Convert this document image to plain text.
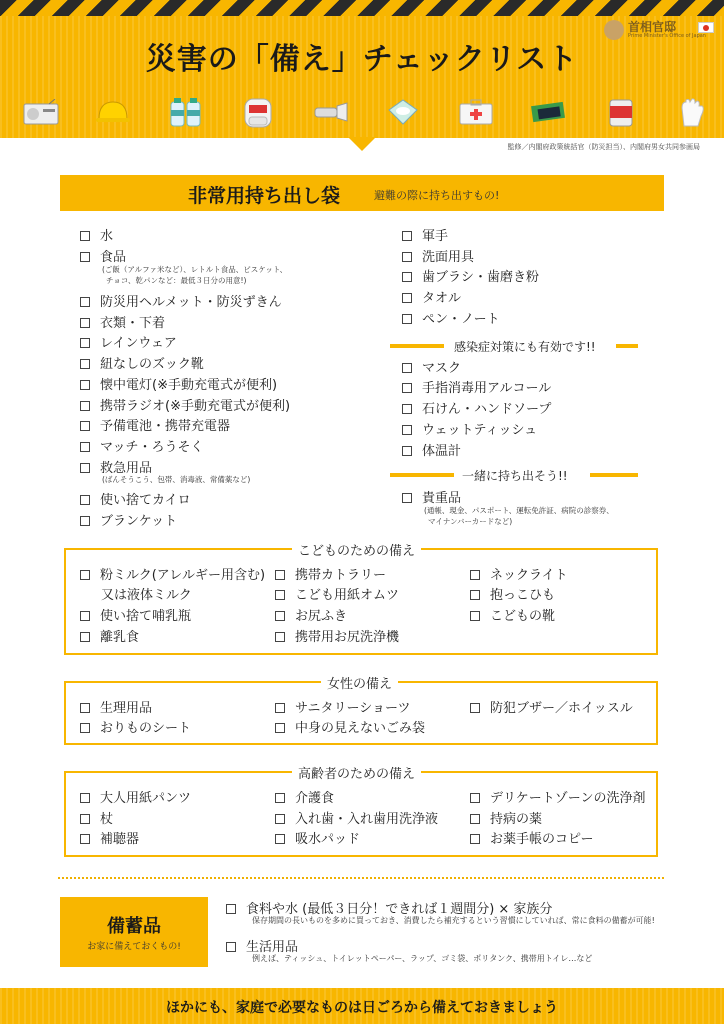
首相官邸
Prime Minister's Office of Japan
災害の「備え」チェックリスト
監修／内閣府政策統括官（防災担当）、内閣府男女共同参画局
非常用持ち出し袋	避難の際に持ち出すもの!
水
食品
(ご飯（アルファ米など）、レトルト食品、ビスケット、
チョコ、乾パンなど：最低３日分の用意!)
防災用ヘルメット・防災ずきん
衣類・下着
レインウェア
紐なしのズック靴
懐中電灯(※手動充電式が便利)
携帯ラジオ(※手動充電式が便利)
予備電池・携帯充電器
マッチ・ろうそく
救急用品
(ばんそうこう、包帯、消毒液、常備薬など)
使い捨てカイロ
ブランケット
軍手
洗面用具
歯ブラシ・歯磨き粉
タオル
ペン・ノート
感染症対策にも有効です!!
マスク
手指消毒用アルコール
石けん・ハンドソープ
ウェットティッシュ
体温計
一緒に持ち出そう!!
貴重品
(通帳、現金、パスポート、運転免許証、病院の診察券、
マイナンバーカードなど)
こどものための備え
粉ミルク(アレルギー用含む)
又は液体ミルク
使い捨て哺乳瓶
離乳食
携帯カトラリー
こども用紙オムツ
お尻ふき
携帯用お尻洗浄機
ネックライト
抱っこひも
こどもの靴
女性の備え
生理用品
おりものシート
サニタリーショーツ
中身の見えないごみ袋
防犯ブザー／ホイッスル
高齢者のための備え
大人用紙パンツ
杖
補聴器
介護食
入れ歯・入れ歯用洗浄液
吸水パッド
デリケートゾーンの洗浄剤
持病の薬
お薬手帳のコピー
備蓄品
お家に備えておくもの!
食料や水 (最低３日分！できれば１週間分) × 家族分
保存期間の長いものを多めに買っておき、消費したら補充するという習慣にしていれば、常に食料の備蓄が可能!
生活用品
例えば、ティッシュ、トイレットペーパー、ラップ、ゴミ袋、ポリタンク、携帯用トイレ…など
ほかにも、家庭で必要なものは日ごろから備えておきましょう
